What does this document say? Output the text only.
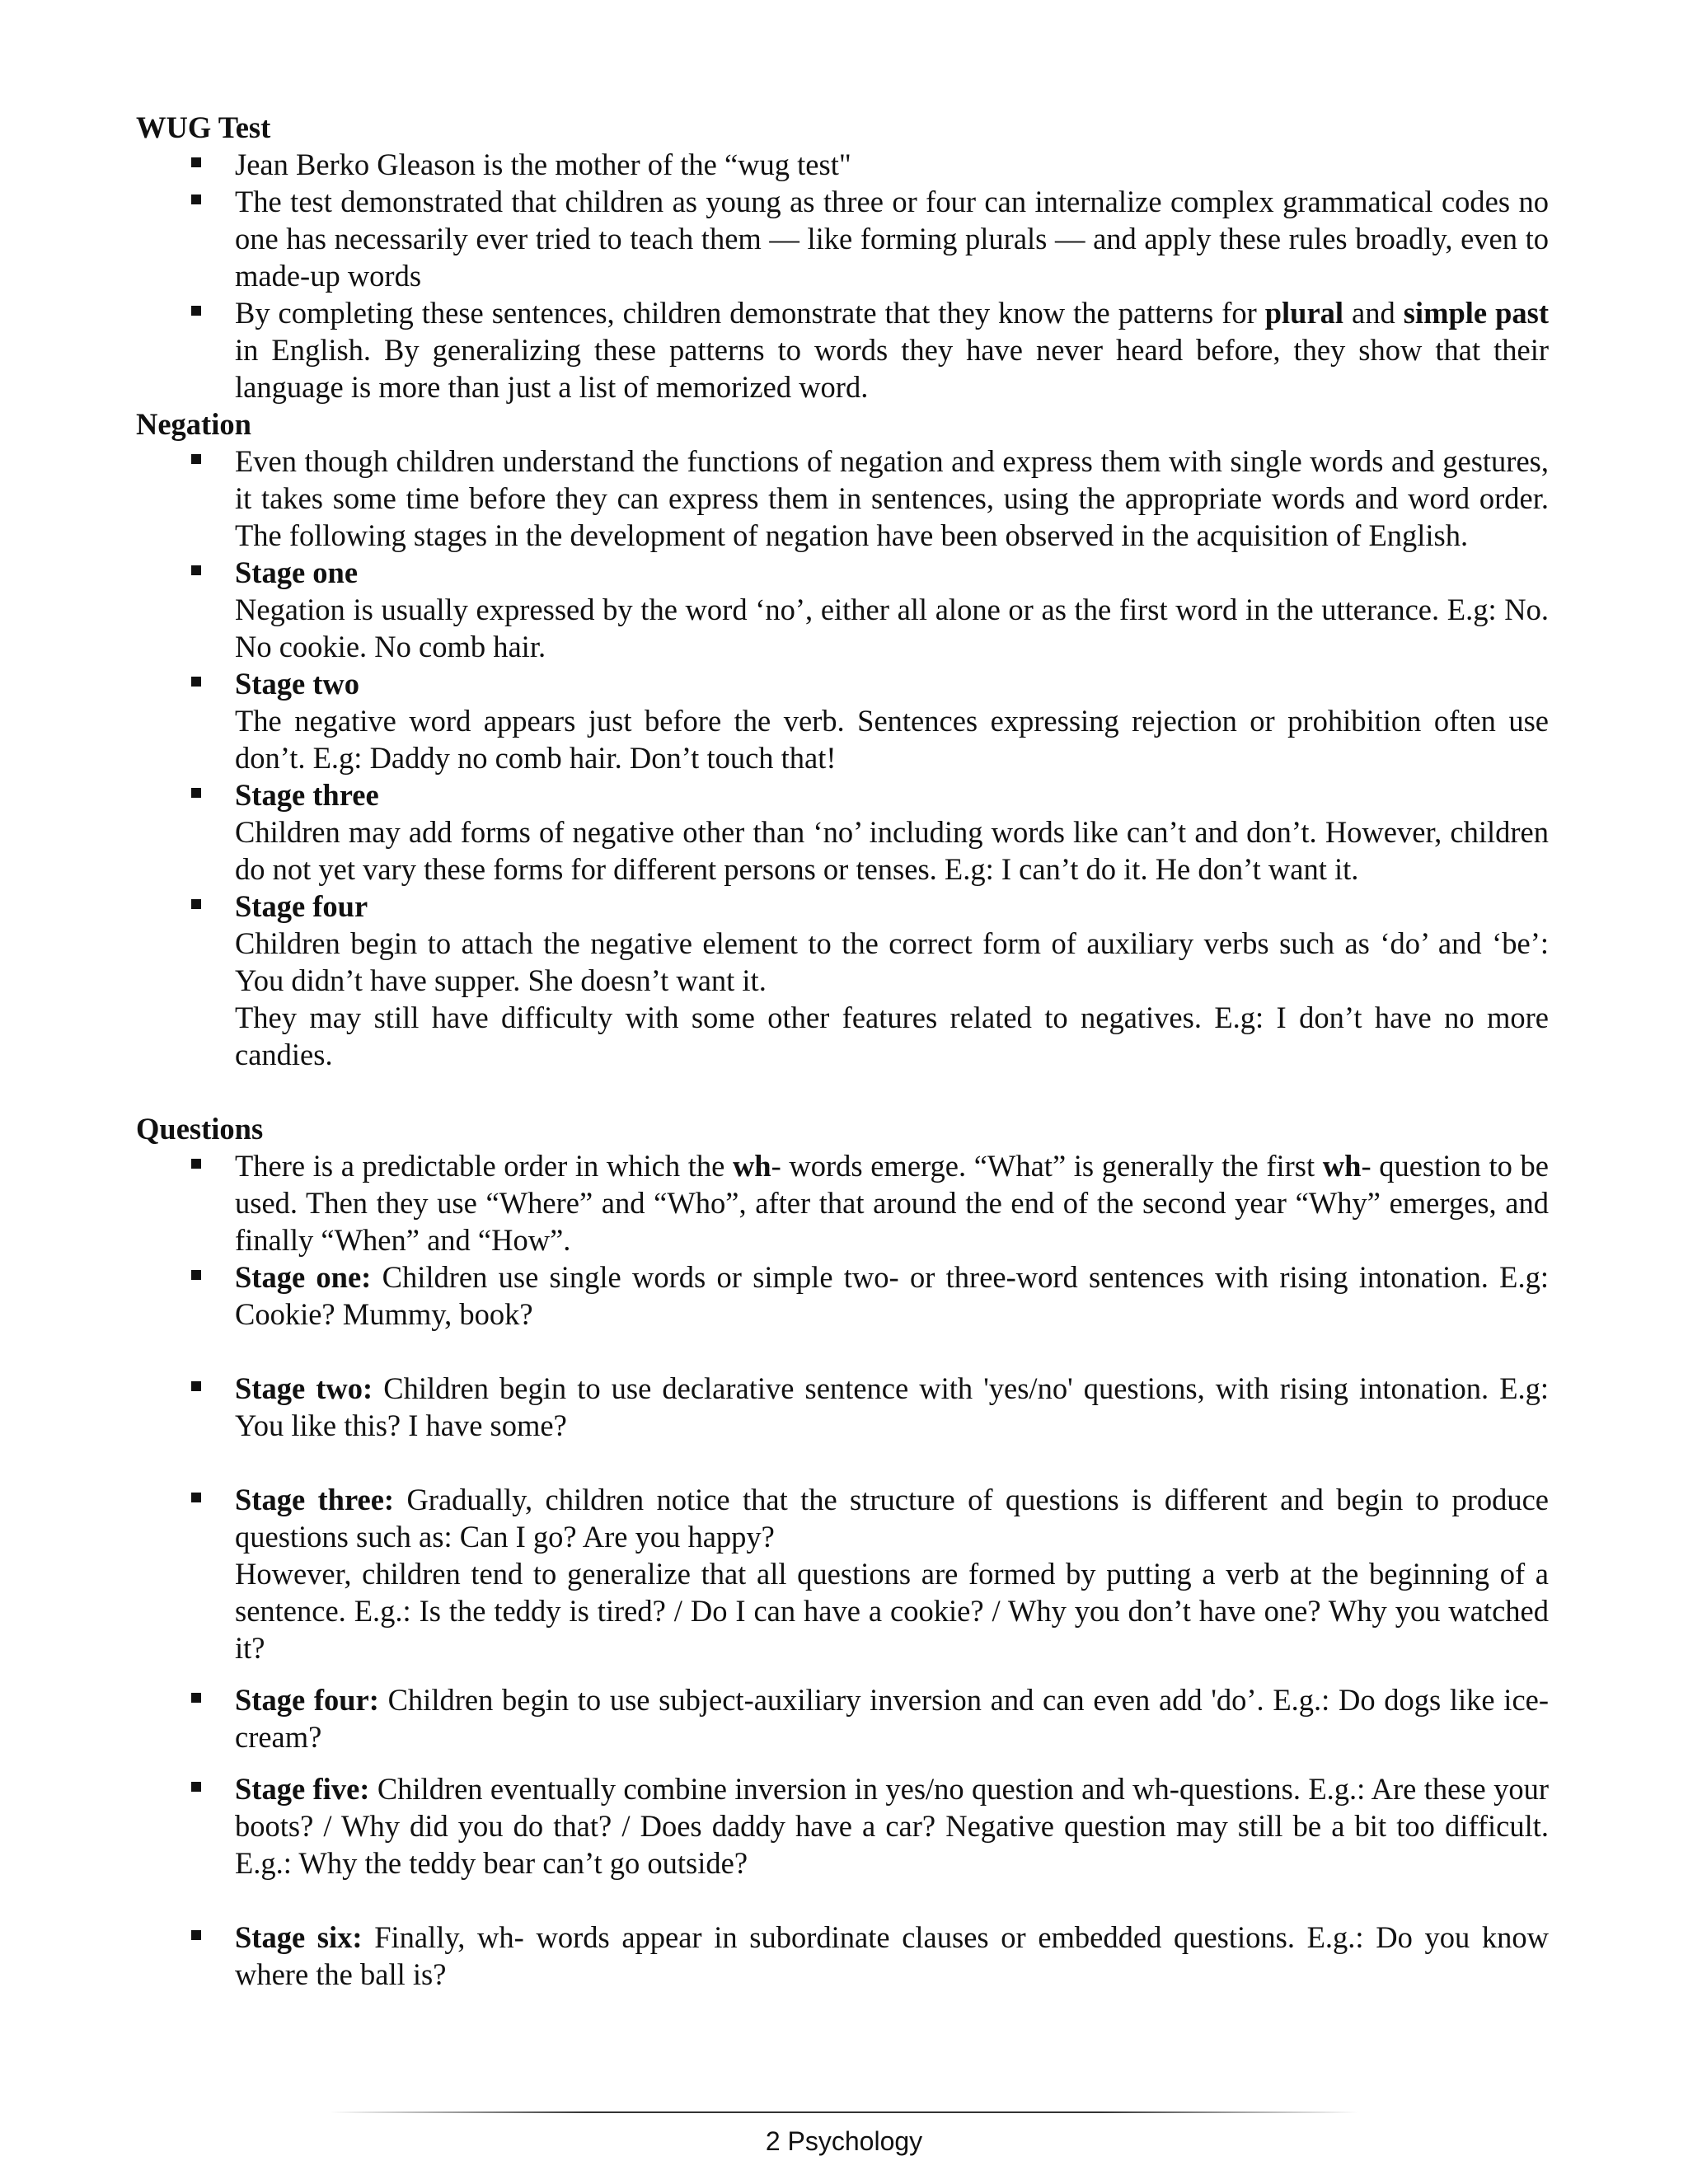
WUG Test

Jean Berko Gleason is the mother of the “wug test"
The test demonstrated that children as young as three or four can internalize complex grammatical codes no one has necessarily ever tried to teach them — like forming plurals — and apply these rules broadly, even to made-up words
By completing these sentences, children demonstrate that they know the patterns for plural and simple past in English. By generalizing these patterns to words they have never heard before, they show that their language is more than just a list of memorized word.

Negation

Even though children understand the functions of negation and express them with single words and gestures, it takes some time before they can express them in sentences, using the appropriate words and word order. The following stages in the development of negation have been observed in the acquisition of English.
Stage one
Negation is usually expressed by the word ‘no’, either all alone or as the first word in the utterance. E.g: No. No cookie. No comb hair.
Stage two
The negative word appears just before the verb. Sentences expressing rejection or prohibition often use don’t. E.g: Daddy no comb hair. Don’t touch that!
Stage three
Children may add forms of negative other than ‘no’ including words like can’t and don’t. However, children do not yet vary these forms for different persons or tenses. E.g: I can’t do it. He don’t want it.
Stage four
Children begin to attach the negative element to the correct form of auxiliary verbs such as ‘do’ and ‘be’: You didn’t have supper. She doesn’t want it.
They may still have difficulty with some other features related to negatives. E.g: I don’t have no more candies.

Questions

There is a predictable order in which the wh- words emerge. “What” is generally the first wh- question to be used. Then they use “Where” and “Who”, after that around the end of the second year “Why” emerges, and finally “When” and “How”.
Stage one: Children use single words or simple two- or three-word sentences with rising intonation. E.g: Cookie? Mummy, book?
Stage two: Children begin to use declarative sentence with 'yes/no' questions, with rising intonation. E.g: You like this? I have some?
Stage three: Gradually, children notice that the structure of questions is different and begin to produce questions such as: Can I go? Are you happy?
However, children tend to generalize that all questions are formed by putting a verb at the beginning of a sentence. E.g.: Is the teddy is tired? / Do I can have a cookie? / Why you don’t have one? Why you watched it?
Stage four: Children begin to use subject-auxiliary inversion and can even add 'do’. E.g.: Do dogs like ice-cream?
Stage five: Children eventually combine inversion in yes/no question and wh-questions. E.g.: Are these your boots? / Why did you do that? / Does daddy have a car? Negative question may still be a bit too difficult. E.g.: Why the teddy bear can’t go outside?
Stage six: Finally, wh- words appear in subordinate clauses or embedded questions. E.g.: Do you know where the ball is?
2 Psychology
